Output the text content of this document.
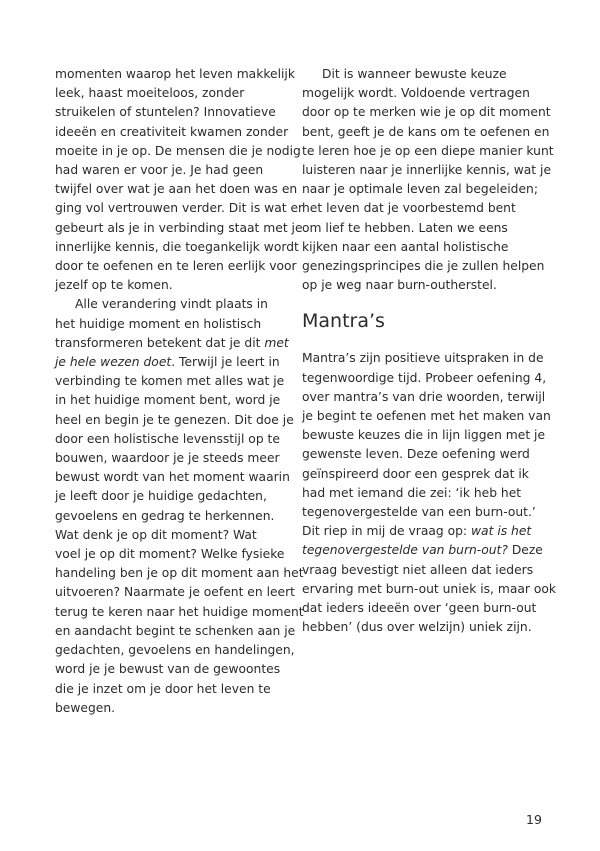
momenten waarop het leven makkelijk
leek, haast moeiteloos, zonder
struikelen of stuntelen? Innovatieve
ideeën en creativiteit kwamen zonder
moeite in je op. De mensen die je nodig
had waren er voor je. Je had geen
twijfel over wat je aan het doen was en
ging vol vertrouwen verder. Dit is wat er
gebeurt als je in verbinding staat met je
innerlijke kennis, die toegankelijk wordt
door te oefenen en te leren eerlijk voor
jezelf op te komen.
Alle verandering vindt plaats in
het huidige moment en holistisch
transformeren betekent dat je dit met
je hele wezen doet. Terwijl je leert in
verbinding te komen met alles wat je
in het huidige moment bent, word je
heel en begin je te genezen. Dit doe je
door een holistische levensstijl op te
bouwen, waardoor je je steeds meer
bewust wordt van het moment waarin
je leeft door je huidige gedachten,
gevoelens en gedrag te herkennen.
Wat denk je op dit moment? Wat
voel je op dit moment? Welke fysieke
handeling ben je op dit moment aan het
uitvoeren? Naarmate je oefent en leert
terug te keren naar het huidige moment
en aandacht begint te schenken aan je
gedachten, gevoelens en handelingen,
word je je bewust van de gewoontes
die je inzet om je door het leven te
bewegen.
Dit is wanneer bewuste keuze
mogelijk wordt. Voldoende vertragen
door op te merken wie je op dit moment
bent, geeft je de kans om te oefenen en
te leren hoe je op een diepe manier kunt
luisteren naar je innerlijke kennis, wat je
naar je optimale leven zal begeleiden;
het leven dat je voorbestemd bent
om lief te hebben. Laten we eens
kijken naar een aantal holistische
genezingsprincipes die je zullen helpen
op je weg naar burn-outherstel.
Mantra’s
Mantra’s zijn positieve uitspraken in de
tegenwoordige tijd. Probeer oefening 4,
over mantra’s van drie woorden, terwijl
je begint te oefenen met het maken van
bewuste keuzes die in lijn liggen met je
gewenste leven. Deze oefening werd
geïnspireerd door een gesprek dat ik
had met iemand die zei: ‘ik heb het
tegenovergestelde van een burn-out.’
Dit riep in mij de vraag op: wat is het
tegenovergestelde van burn-out? Deze
vraag bevestigt niet alleen dat ieders
ervaring met burn-out uniek is, maar ook
dat ieders ideeën over ‘geen burn-out
hebben’ (dus over welzijn) uniek zijn.
19
